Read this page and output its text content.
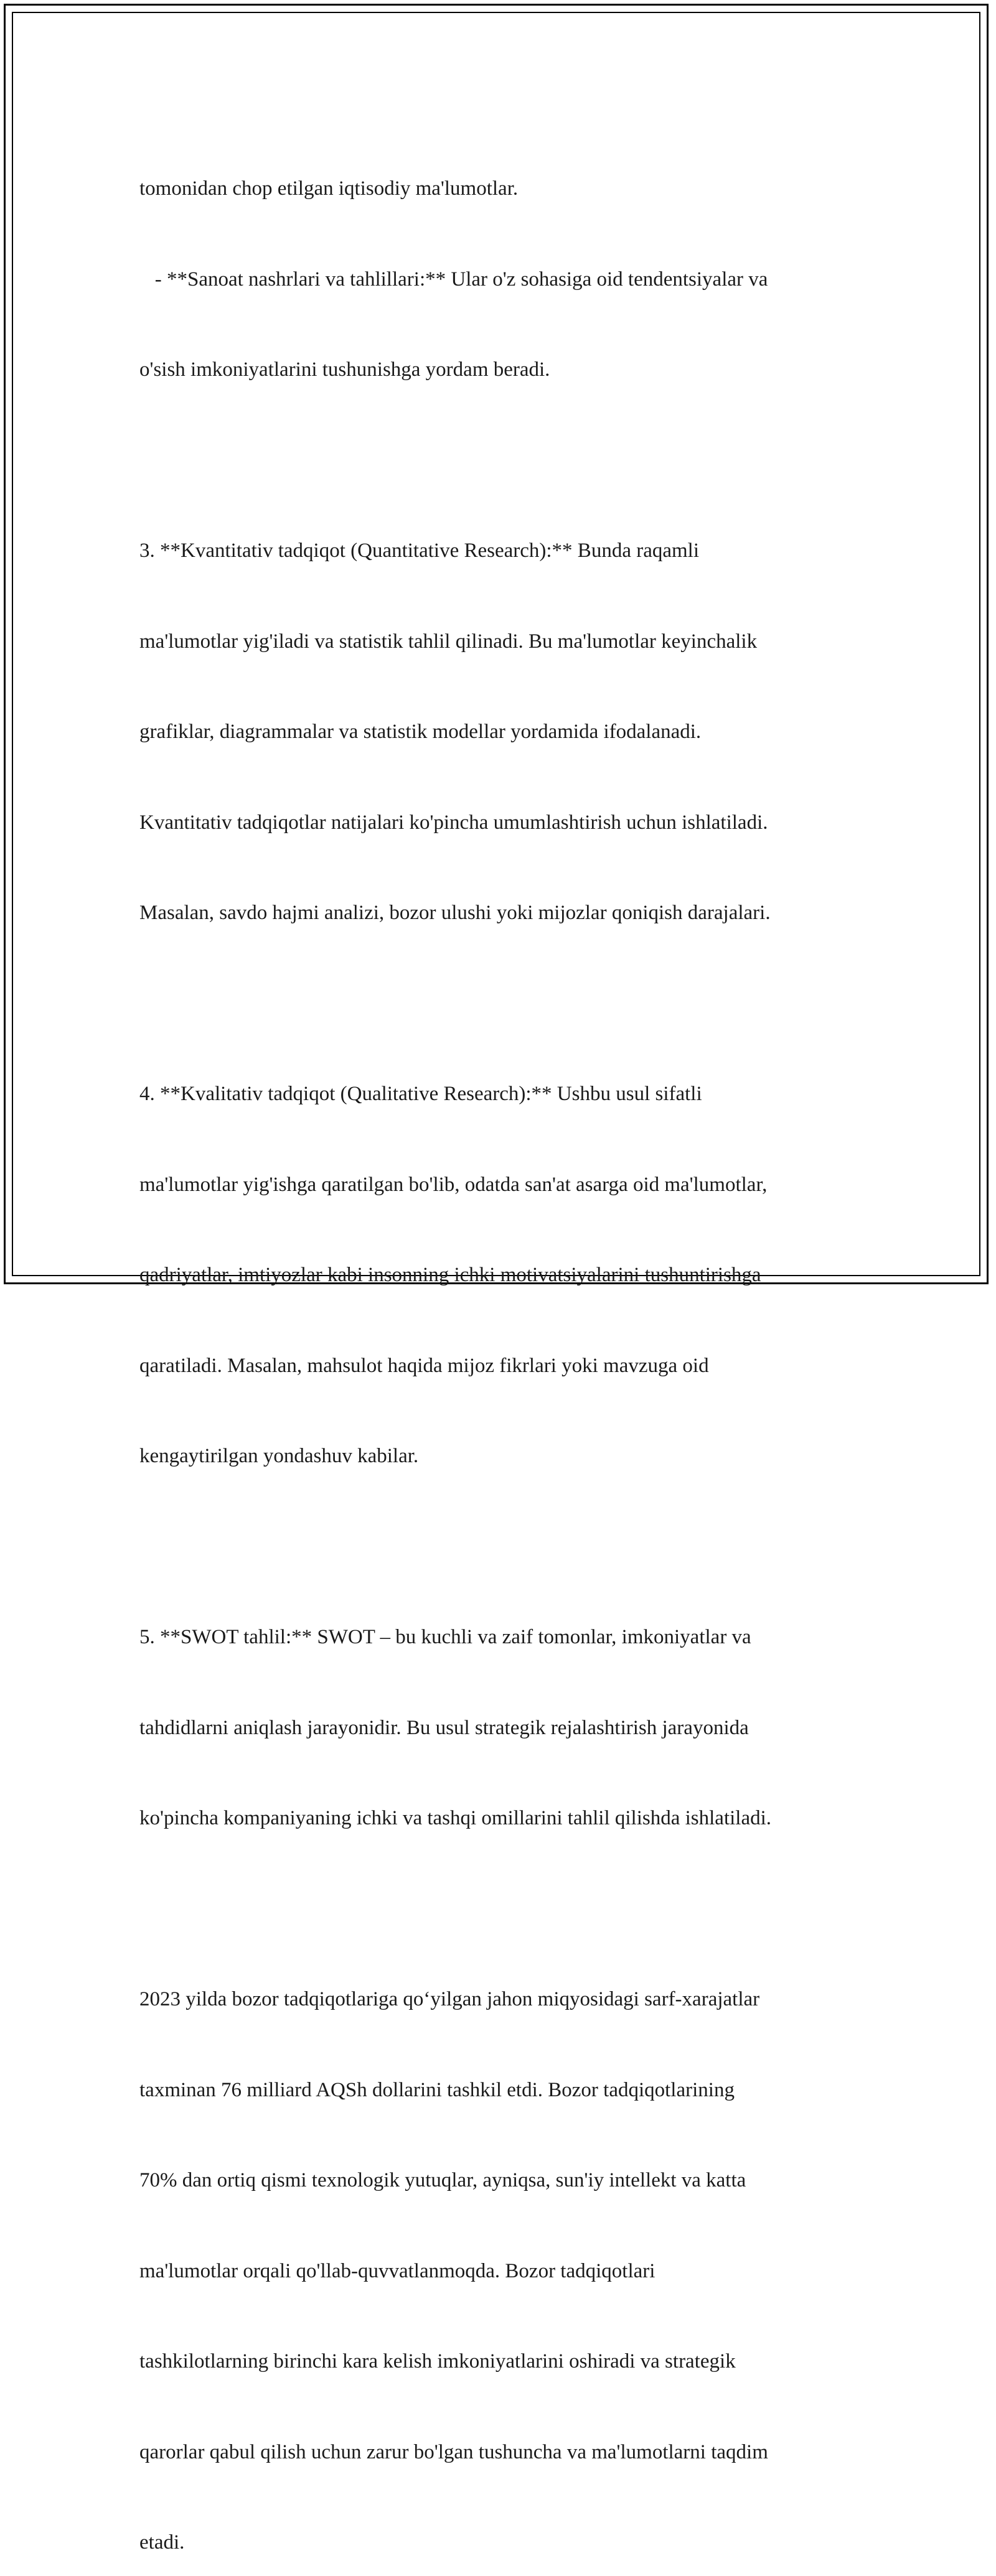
tomonidan chop etilgan iqtisodiy ma'lumotlar.

- **Sanoat nashrlari va tahlillari:** Ular o'z sohasiga oid tendentsiyalar va

o'sish imkoniyatlarini tushunishga yordam beradi.

3. **Kvantitativ tadqiqot (Quantitative Research):** Bunda raqamli

ma'lumotlar yig'iladi va statistik tahlil qilinadi. Bu ma'lumotlar keyinchalik

grafiklar, diagrammalar va statistik modellar yordamida ifodalanadi.

Kvantitativ tadqiqotlar natijalari ko'pincha umumlashtirish uchun ishlatiladi.

Masalan, savdo hajmi analizi, bozor ulushi yoki mijozlar qoniqish darajalari.

4. **Kvalitativ tadqiqot (Qualitative Research):** Ushbu usul sifatli

ma'lumotlar yig'ishga qaratilgan bo'lib, odatda san'at asarga oid ma'lumotlar,

qadriyatlar, imtiyozlar kabi insonning ichki motivatsiyalarini tushuntirishga

qaratiladi. Masalan, mahsulot haqida mijoz fikrlari yoki mavzuga oid

kengaytirilgan yondashuv kabilar.

5. **SWOT tahlil:** SWOT – bu kuchli va zaif tomonlar, imkoniyatlar va

tahdidlarni aniqlash jarayonidir. Bu usul strategik rejalashtirish jarayonida

ko'pincha kompaniyaning ichki va tashqi omillarini tahlil qilishda ishlatiladi.

2023 yilda bozor tadqiqotlariga qo‘yilgan jahon miqyosidagi sarf-xarajatlar

taxminan 76 milliard AQSh dollarini tashkil etdi. Bozor tadqiqotlarining

70% dan ortiq qismi texnologik yutuqlar, ayniqsa, sun'iy intellekt va katta

ma'lumotlar orqali qo'llab-quvvatlanmoqda. Bozor tadqiqotlari

tashkilotlarning birinchi kara kelish imkoniyatlarini oshiradi va strategik

qarorlar qabul qilish uchun zarur bo'lgan tushuncha va ma'lumotlarni taqdim

etadi.
